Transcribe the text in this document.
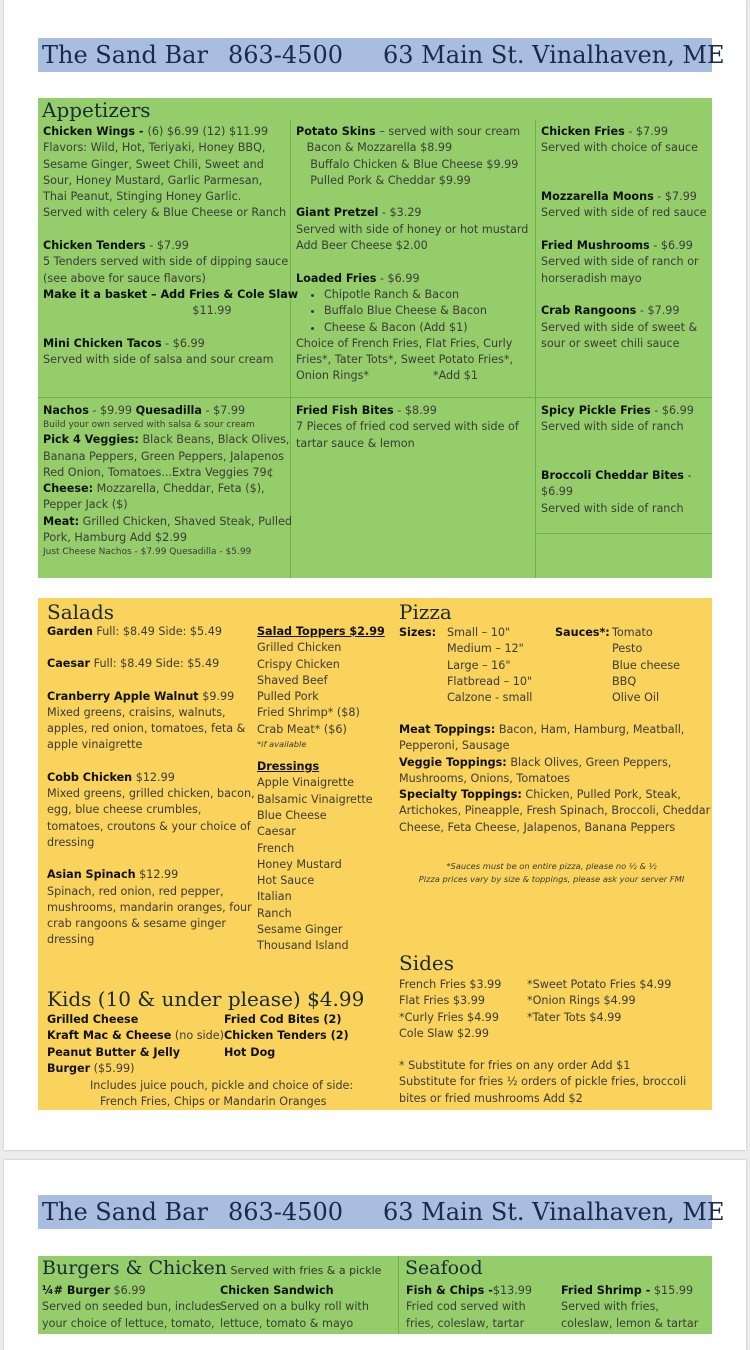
The Sand Bar 863-4500 63 Main St. Vinalhaven, ME
Appetizers
Chicken Wings - (6) $6.99 (12) $11.99
Flavors: Wild, Hot, Teriyaki, Honey BBQ,
Sesame Ginger, Sweet Chili, Sweet and
Sour, Honey Mustard, Garlic Parmesan,
Thai Peanut, Stinging Honey Garlic.
Served with celery & Blue Cheese or Ranch

Chicken Tenders - $7.99
5 Tenders served with side of dipping sauce
(see above for sauce flavors)
Make it a basket – Add Fries & Cole Slaw
$11.99

Mini Chicken Tacos - $6.99
Served with side of salsa and sour cream
Potato Skins – served with sour cream
Bacon & Mozzarella $8.99
Buffalo Chicken & Blue Cheese $9.99
Pulled Pork & Cheddar $9.99

Giant Pretzel - $3.29
Served with side of honey or hot mustard
Add Beer Cheese $2.00

Loaded Fries - $6.99
• Chipotle Ranch & Bacon
• Buffalo Blue Cheese & Bacon
• Cheese & Bacon (Add $1)
Choice of French Fries, Flat Fries, Curly
Fries*, Tater Tots*, Sweet Potato Fries*,
Onion Rings*                  *Add $1
Chicken Fries - $7.99
Served with choice of sauce

Mozzarella Moons - $7.99
Served with side of red sauce

Fried Mushrooms - $6.99
Served with side of ranch or
horseradish mayo

Crab Rangoons - $7.99
Served with side of sweet &
sour or sweet chili sauce
Nachos - $9.99 Quesadilla - $7.99
Build your own served with salsa & sour cream
Pick 4 Veggies: Black Beans, Black Olives,
Banana Peppers, Green Peppers, Jalapenos
Red Onion, Tomatoes...Extra Veggies 79¢
Cheese: Mozzarella, Cheddar, Feta ($),
Pepper Jack ($)
Meat: Grilled Chicken, Shaved Steak, Pulled
Pork, Hamburg Add $2.99
Just Cheese Nachos - $7.99 Quesadilla - $5.99
Fried Fish Bites - $8.99
7 Pieces of fried cod served with side of
tartar sauce & lemon
Spicy Pickle Fries - $6.99
Served with side of ranch

Broccoli Cheddar Bites -
$6.99
Served with side of ranch
Salads
Garden Full: $8.49 Side: $5.49
Caesar Full: $8.49 Side: $5.49
Cranberry Apple Walnut $9.99
Mixed greens, craisins, walnuts,
apples, red onion, tomatoes, feta &
apple vinaigrette
Cobb Chicken $12.99
Mixed greens, grilled chicken, bacon,
egg, blue cheese crumbles,
tomatoes, croutons & your choice of
dressing
Asian Spinach $12.99
Spinach, red onion, red pepper,
mushrooms, mandarin oranges, four
crab rangoons & sesame ginger
dressing
Salad Toppers $2.99
Grilled Chicken
Crispy Chicken
Shaved Beef
Pulled Pork
Fried Shrimp* ($8)
Crab Meat* ($6)
*if available
Dressings
Apple Vinaigrette
Balsamic Vinaigrette
Blue Cheese
Caesar
French
Honey Mustard
Hot Sauce
Italian
Ranch
Sesame Ginger
Thousand Island
Kids (10 & under please) $4.99
Grilled Cheese
Kraft Mac & Cheese (no side)
Peanut Butter & Jelly
Burger ($5.99)
Fried Cod Bites (2)
Chicken Tenders (2)
Hot Dog
Includes juice pouch, pickle and choice of side:
French Fries, Chips or Mandarin Oranges
Pizza
Sizes: Small – 10"
Medium – 12"
Large – 16"
Flatbread – 10"
Calzone - small
Sauces*: Tomato
Pesto
Blue cheese
BBQ
Olive Oil
Meat Toppings: Bacon, Ham, Hamburg, Meatball,
Pepperoni, Sausage
Veggie Toppings: Black Olives, Green Peppers,
Mushrooms, Onions, Tomatoes
Specialty Toppings: Chicken, Pulled Pork, Steak,
Artichokes, Pineapple, Fresh Spinach, Broccoli, Cheddar
Cheese, Feta Cheese, Jalapenos, Banana Peppers
*Sauces must be on entire pizza, please no ½ & ½
Pizza prices vary by size & toppings, please ask your server FMI
Sides
French Fries $3.99
Flat Fries $3.99
*Curly Fries $4.99
Cole Slaw $2.99
*Sweet Potato Fries $4.99
*Onion Rings $4.99
*Tater Tots $4.99
* Substitute for fries on any order Add $1
Substitute for fries ½ orders of pickle fries, broccoli
bites or fried mushrooms Add $2
The Sand Bar 863-4500 63 Main St. Vinalhaven, ME
Burgers & Chicken Served with fries & a pickle
¼# Burger $6.99
Served on seeded bun, includes
your choice of lettuce, tomato,
Chicken Sandwich
Served on a bulky roll with
lettuce, tomato & mayo
Seafood
Fish & Chips -$13.99
Fried cod served with
fries, coleslaw, tartar
Fried Shrimp - $15.99
Served with fries,
coleslaw, lemon & tartar
